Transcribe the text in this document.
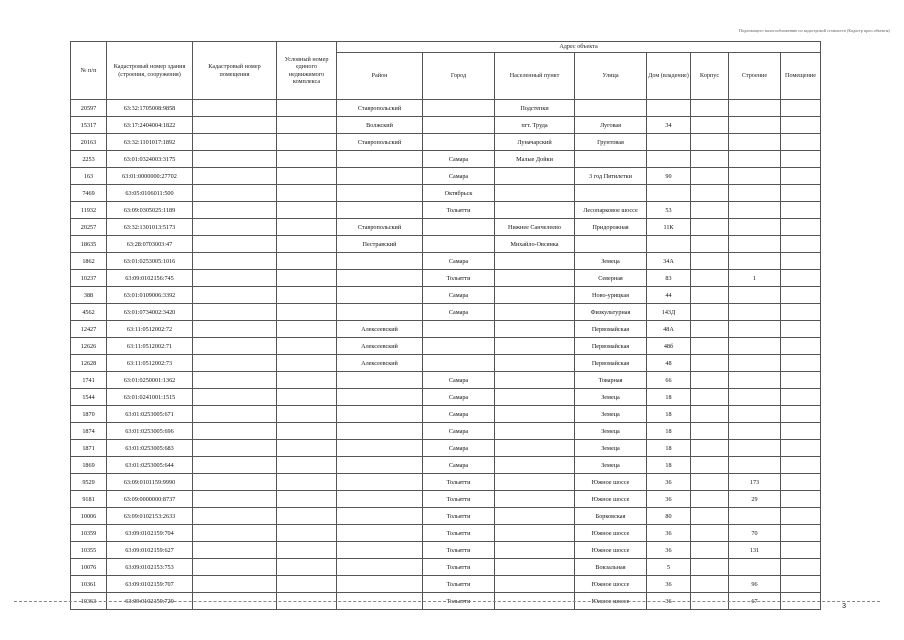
Подлежащего налогообложению по кадастровой стоимости (Кадастр проп.объекты)
№ п/п	Кадастровый номер здания (строения, сооружения)	Кадастровый номер помещения	Условный номер единого недвижимого комплекса	Адрес объекта							
				Район	Город	Населенный пункт	Улица	Дом (владение)	Корпус	Строение	Помещение
20597	63:32:1705008:9858			Ставропольский		Подстепки					
15317	63:17:2404004:1822			Волжский		пгт. Труда	Луговая	34			
20163	63:32:1101017:1892			Ставропольский		Луначарский	Грунтовая				
2253	63:01:0324003:3175				Самара	Малые Дойки					
163	63:01:0000000:27702				Самара		3 год Пятилетки	90			
7469	63:05:0106011:500				Октябрьск						
11932	63:09:0305025:1189				Тольятти		Лесопарковое шоссе	53			
20257	63:32:1301013:5173			Ставропольский		Нижнее Санчелеево	Придорожная	11К			
18635	63:28:0703003:47			Пестравский		Михайло-Овсянка					
1862	63:01:0253005:1016				Самара		Земеца	34А			
10237	63:09:0102156:745				Тольятти		Северная	83		1	
388	63:01:0109006:3392				Самара		Ново-урицкая	44			
4562	63:01:0734002:3420				Самара		Физкультурная	143Д			
12427	63:11:0512002:72			Алексеевский			Первомайская	48А			
12626	63:11:0512002:71			Алексеевский			Первомайская	48б			
12628	63:11:0512002:73			Алексеевский			Первомайская	48			
1741	63:01:0250001:1362				Самара		Товарная	66			
1544	63:01:0241001:1515				Самара		Земеца	18			
1870	63:01:0253005:671				Самара		Земеца	18			
1874	63:01:0253005:696				Самара		Земеца	18			
1871	63:01:0253005:683				Самара		Земеца	18			
1869	63:01:0253005:644				Самара		Земеца	18			
9529	63:09:0101159:9990				Тольятти		Южное шоссе	36		173	
9181	63:09:0000000:8737				Тольятти		Южное шоссе	36		29	
10006	63:09:0102153:2633				Тольятти		Борковская	80			
10359	63:09:0102159:704				Тольятти		Южное шоссе	36		70	
10355	63:09:0102159:627				Тольятти		Южное шоссе	36		131	
10076	63:09:0102153:753				Тольятти		Вокзальная	5			
10361	63:09:0102159:707				Тольятти		Южное шоссе	36		96	
10363	63:09:0102159:729				Тольятти		Южное шоссе	36		67	
3
